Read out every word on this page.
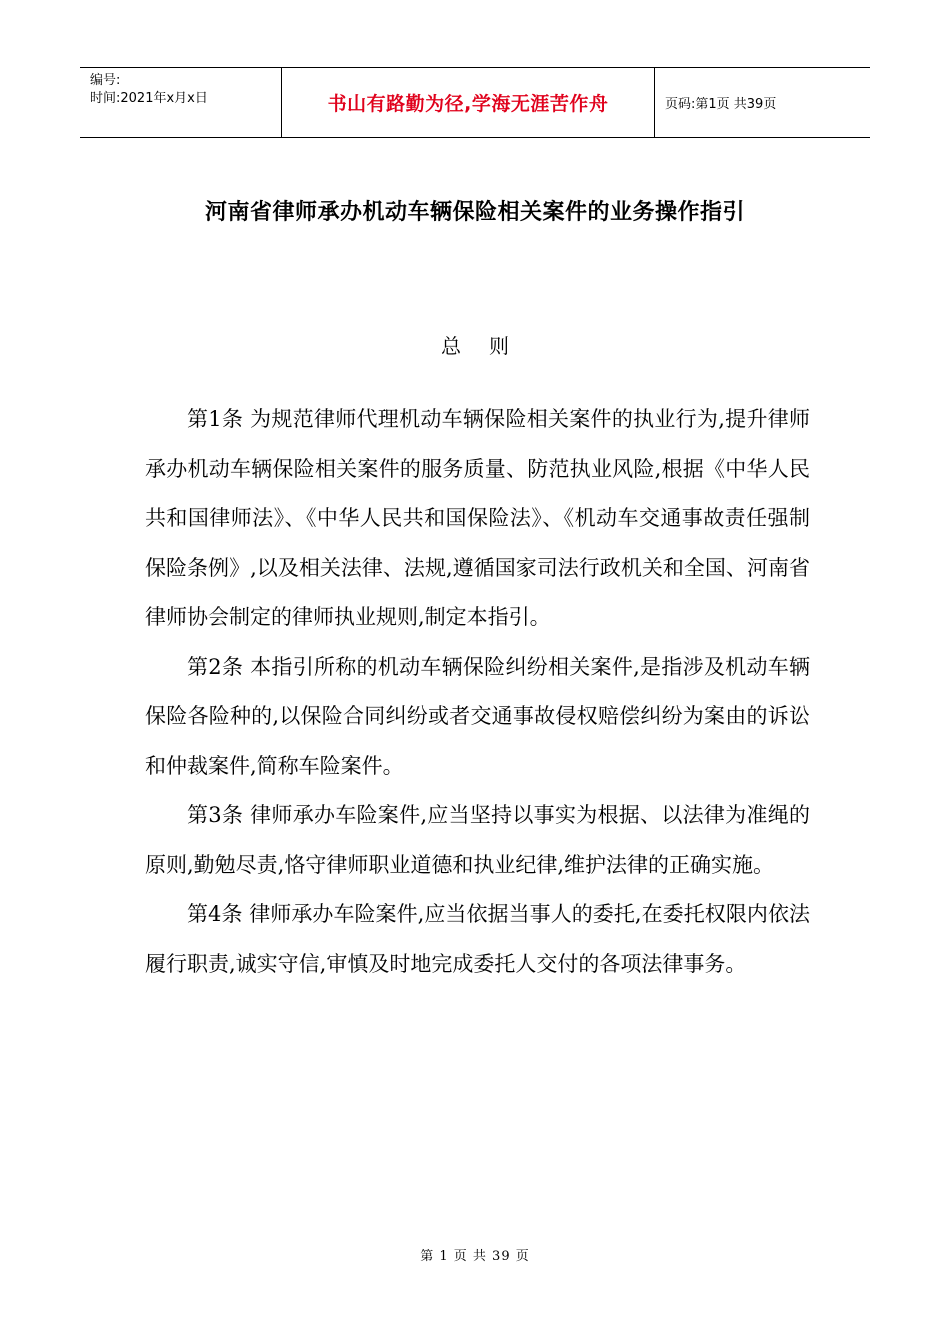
编号:
时间:2021年x月x日	书山有路勤为径,学海无涯苦作舟	页码:第1页 共39页
河南省律师承办机动车辆保险相关案件的业务操作指引
总则

第1条 为规范律师代理机动车辆保险相关案件的执业行为,提升律师承办机动车辆保险相关案件的服务质量、防范执业风险,根据《中华人民共和国律师法》、《中华人民共和国保险法》、《机动车交通事故责任强制保险条例》,以及相关法律、法规,遵循国家司法行政机关和全国、河南省律师协会制定的律师执业规则,制定本指引。

第2条 本指引所称的机动车辆保险纠纷相关案件,是指涉及机动车辆保险各险种的,以保险合同纠纷或者交通事故侵权赔偿纠纷为案由的诉讼和仲裁案件,简称车险案件。

第3条 律师承办车险案件,应当坚持以事实为根据、以法律为准绳的原则,勤勉尽责,恪守律师职业道德和执业纪律,维护法律的正确实施。

第4条 律师承办车险案件,应当依据当事人的委托,在委托权限内依法履行职责,诚实守信,审慎及时地完成委托人交付的各项法律事务。

第 1 页 共 39 页
